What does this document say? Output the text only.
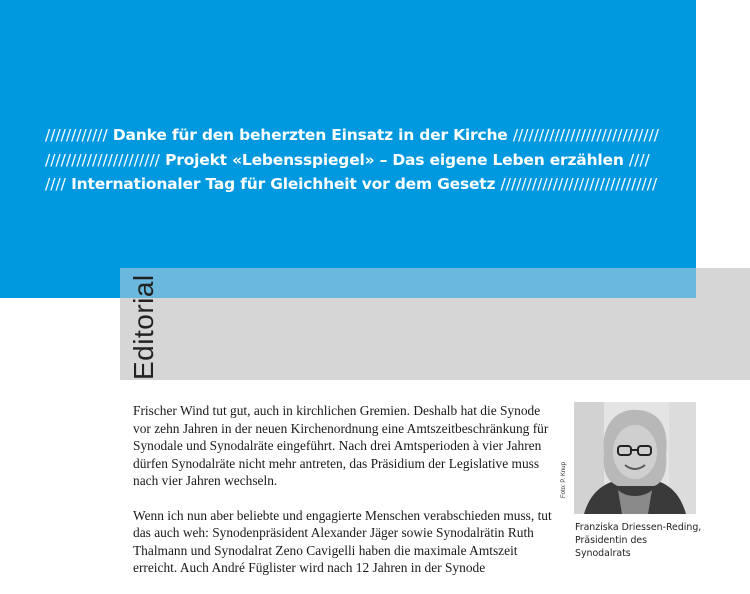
//////////// Danke für den beherzten Einsatz in der Kirche ////////////////////////////
////////////////////// Projekt «Lebensspiegel» – Das eigene Leben erzählen ////
//// Internationaler Tag für Gleichheit vor dem Gesetz //////////////////////////////
Editorial

Frischer Wind tut gut, auch in kirchlichen Gremien. Deshalb hat die Synode vor zehn Jahren in der neuen Kirchenordnung eine Amtszeitbeschränkung für Synodale und Synodalräte eingeführt. Nach drei Amtsperioden à vier Jahren dürfen Synodalräte nicht mehr antreten, das Präsidium der Legislative muss nach vier Jahren wechseln.

Wenn ich nun aber beliebte und engagierte Menschen verabschieden muss, tut das auch weh: Synodenpräsident Alexander Jäger sowie Synodalrätin Ruth Thalmann und Synodalrat Zeno Cavigelli haben die maximale Amtszeit erreicht. Auch André Füglister wird nach 12 Jahren in der Synode

Foto: P. Knup
Franziska Driessen-Reding, Präsidentin des Synodalrats
